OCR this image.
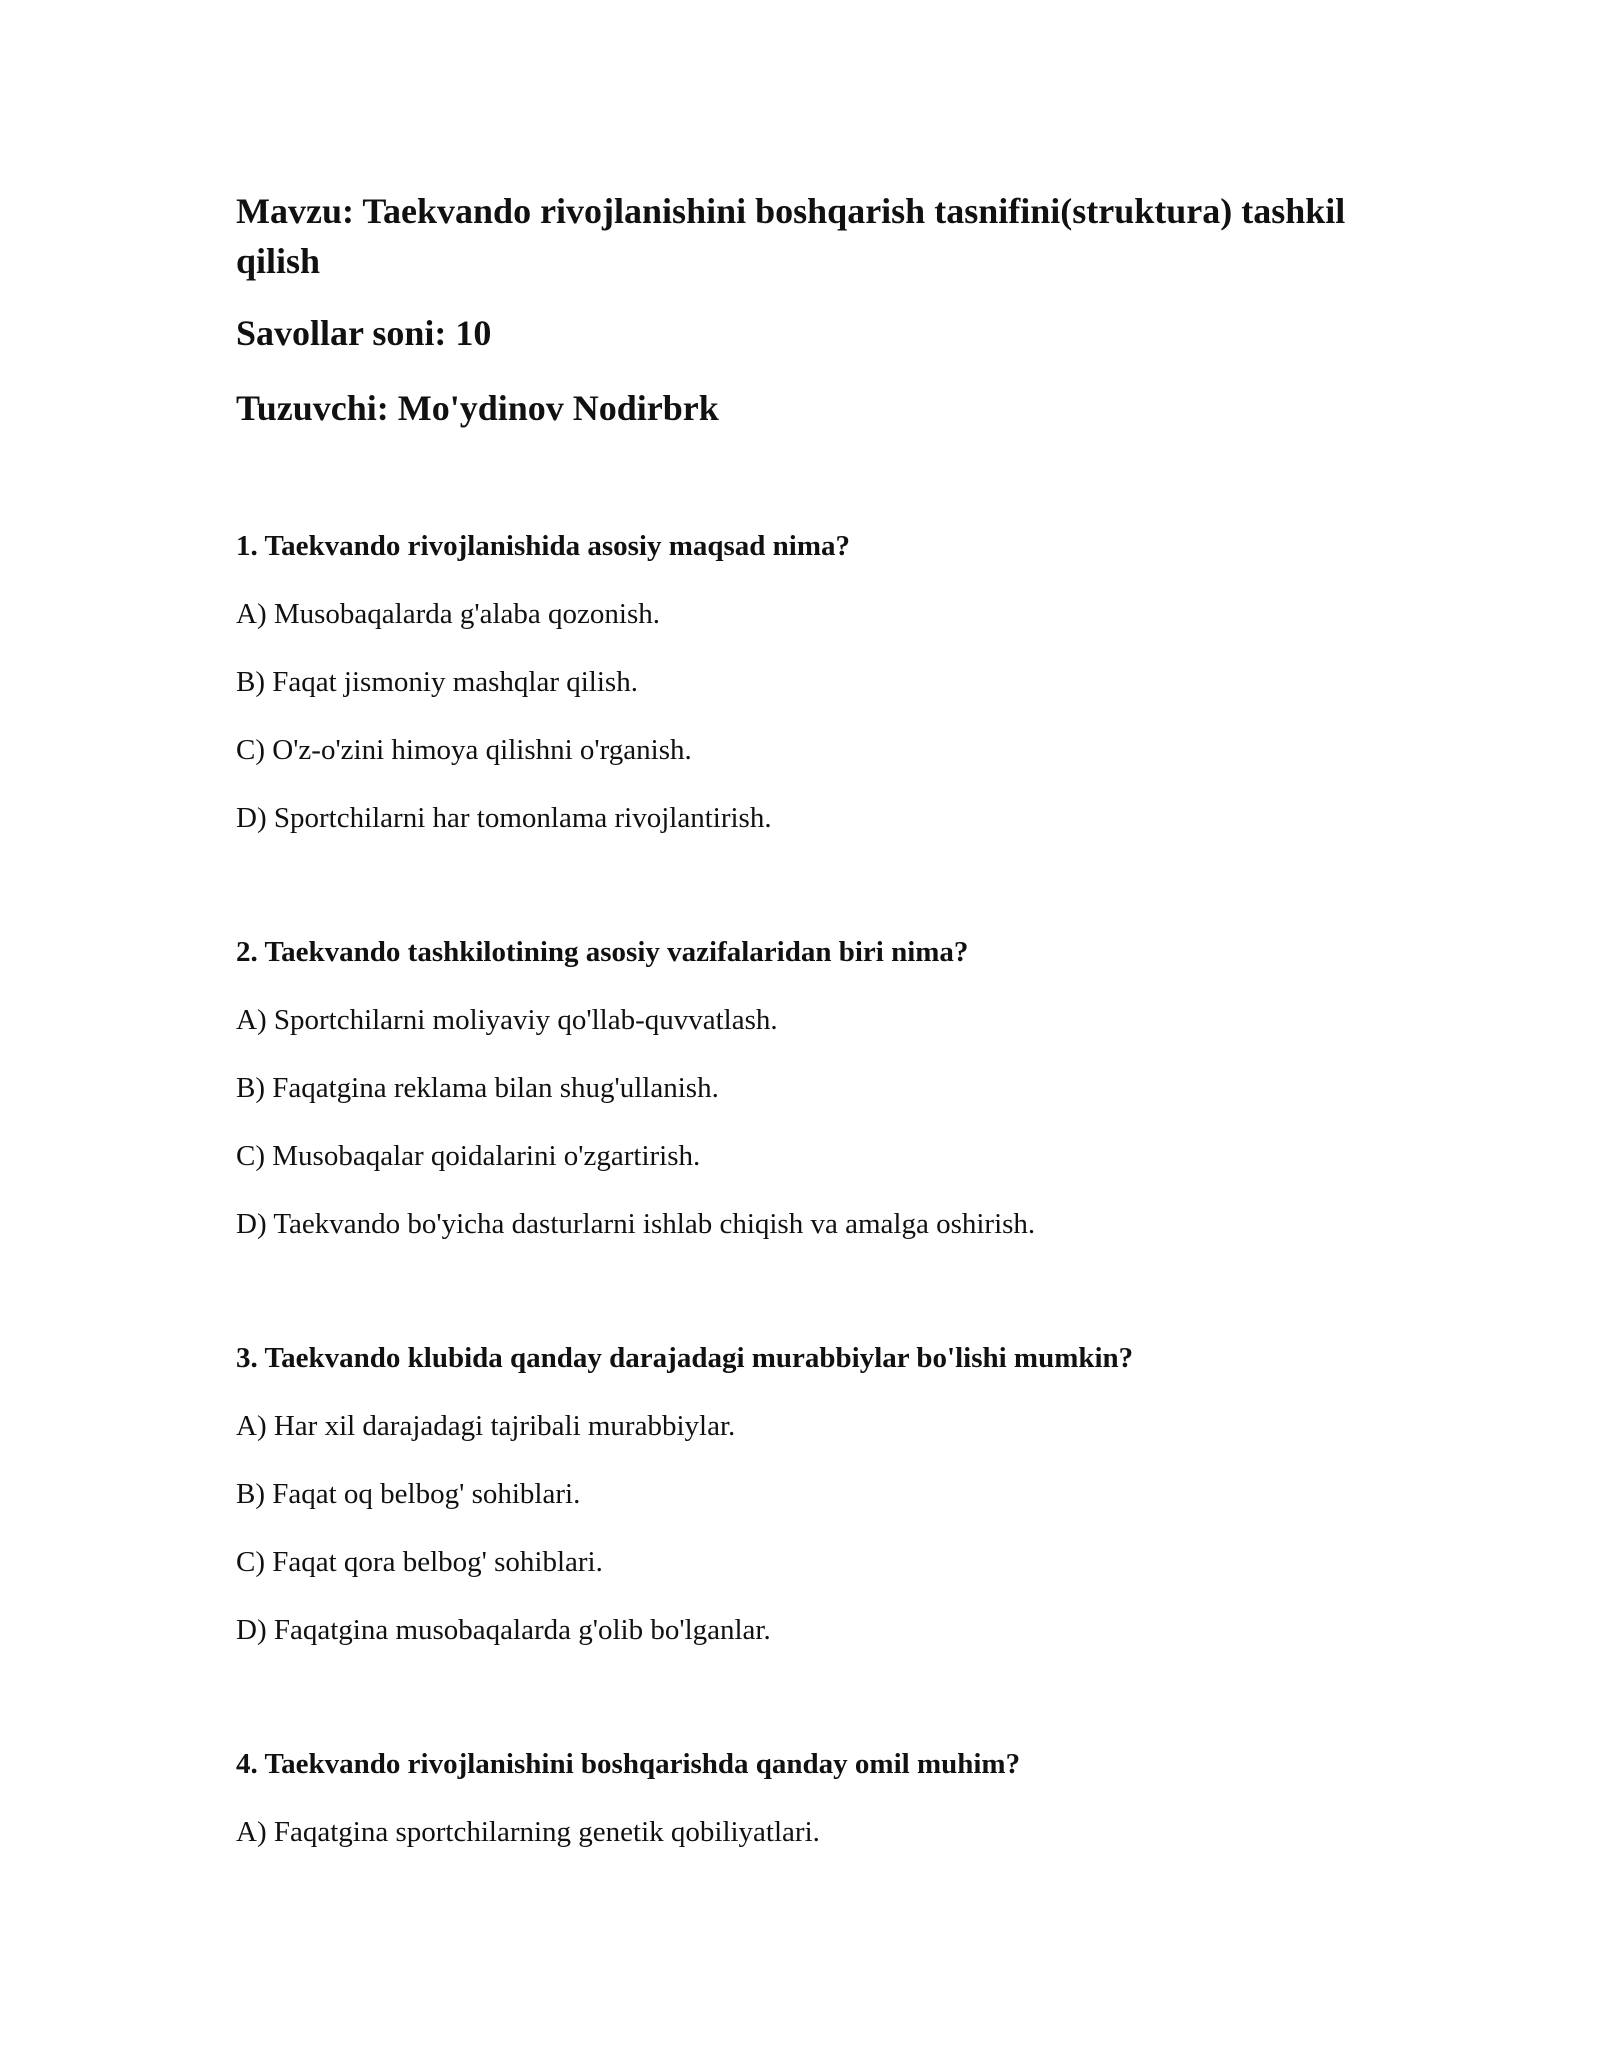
Mavzu: Taekvando rivojlanishini boshqarish tasnifini(struktura) tashkil qilish

Savollar soni: 10

Tuzuvchi: Mo'ydinov Nodirbrk

1. Taekvando rivojlanishida asosiy maqsad nima?

A) Musobaqalarda g'alaba qozonish.

B) Faqat jismoniy mashqlar qilish.

C) O'z-o'zini himoya qilishni o'rganish.

D) Sportchilarni har tomonlama rivojlantirish.

2. Taekvando tashkilotining asosiy vazifalaridan biri nima?

A) Sportchilarni moliyaviy qo'llab-quvvatlash.

B) Faqatgina reklama bilan shug'ullanish.

C) Musobaqalar qoidalarini o'zgartirish.

D) Taekvando bo'yicha dasturlarni ishlab chiqish va amalga oshirish.

3. Taekvando klubida qanday darajadagi murabbiylar bo'lishi mumkin?

A) Har xil darajadagi tajribali murabbiylar.

B) Faqat oq belbog' sohiblari.

C) Faqat qora belbog' sohiblari.

D) Faqatgina musobaqalarda g'olib bo'lganlar.

4. Taekvando rivojlanishini boshqarishda qanday omil muhim?

A) Faqatgina sportchilarning genetik qobiliyatlari.
